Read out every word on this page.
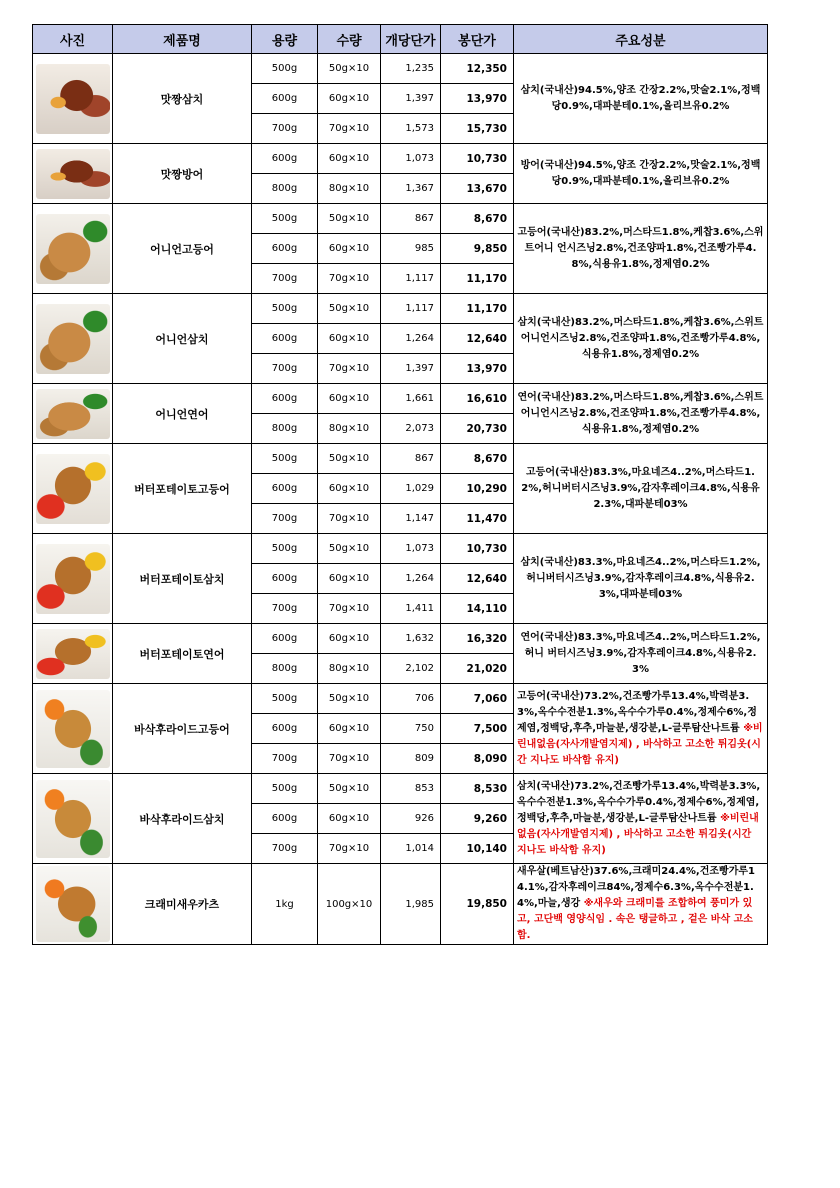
사진	제품명	용량	수량	개당단가	봉단가	주요성분

	맛짱삼치	500g	50g×10	1,235	12,350	삼치(국내산)94.5%,양조 간장2.2%,맛술2.1%,정백당0.9%,대파분테0.1%,올리브유0.2%
		600g	60g×10	1,397	13,970	
		700g	70g×10	1,573	15,730	

	맛짱방어	600g	60g×10	1,073	10,730	방어(국내산)94.5%,양조 간장2.2%,맛술2.1%,정백당0.9%,대파분테0.1%,올리브유0.2%
		800g	80g×10	1,367	13,670	

	어니언고등어	500g	50g×10	867	8,670	고등어(국내산)83.2%,머스타드1.8%,케찹3.6%,스위트어니 언시즈닝2.8%,건조양파1.8%,건조빵가루4.8%,식용유1.8%,정제염0.2%
		600g	60g×10	985	9,850	
		700g	70g×10	1,117	11,170	

	어니언삼치	500g	50g×10	1,117	11,170	삼치(국내산)83.2%,머스타드1.8%,케찹3.6%,스위트어니언시즈닝2.8%,건조양파1.8%,건조빵가루4.8%,식용유1.8%,정제염0.2%
		600g	60g×10	1,264	12,640	
		700g	70g×10	1,397	13,970	

	어니언연어	600g	60g×10	1,661	16,610	연어(국내산)83.2%,머스타드1.8%,케찹3.6%,스위트어니언시즈닝2.8%,건조양파1.8%,건조빵가루4.8%,식용유1.8%,정제염0.2%
		800g	80g×10	2,073	20,730	

	버터포테이토고등어	500g	50g×10	867	8,670	고등어(국내산)83.3%,마요네즈4..2%,머스타드1.2%,허니버터시즈닝3.9%,감자후레이크4.8%,식용유2.3%,대파분테03%
		600g	60g×10	1,029	10,290	
		700g	70g×10	1,147	11,470	

	버터포테이토삼치	500g	50g×10	1,073	10,730	삼치(국내산)83.3%,마요네즈4..2%,머스타드1.2%,허니버터시즈닝3.9%,감자후레이크4.8%,식용유2.3%,대파분테03%
		600g	60g×10	1,264	12,640	
		700g	70g×10	1,411	14,110	

	버터포테이토연어	600g	60g×10	1,632	16,320	연어(국내산)83.3%,마요네즈4..2%,머스타드1.2%,허니 버터시즈닝3.9%,감자후레이크4.8%,식용유2.3%
		800g	80g×10	2,102	21,020	

	바삭후라이드고등어	500g	50g×10	706	7,060	고등어(국내산)73.2%,건조빵가루13.4%,박력분3.3%,옥수수전분1.3%,옥수수가루0.4%,정제수6%,정제염,정백당,후추,마늘분,생강분,L-글루탐산나트륨 ※비린내없음(자사개발염지제) , 바삭하고 고소한 튀김옷(시간 지나도 바삭함 유지)
		600g	60g×10	750	7,500	
		700g	70g×10	809	8,090	

	바삭후라이드삼치	500g	50g×10	853	8,530	삼치(국내산)73.2%,건조빵가루13.4%,박력분3.3%,옥수수전분1.3%,옥수수가루0.4%,정제수6%,정제염,정백당,후추,마늘분,생강분,L-글루탐산나트륨 ※비린내없음(자사개발염지제) , 바삭하고 고소한 튀김옷(시간 지나도 바삭함 유지)
		600g	60g×10	926	9,260	
		700g	70g×10	1,014	10,140	

	크래미새우카츠	1kg	100g×10	1,985	19,850	새우살(베트남산)37.6%,크래미24.4%,건조빵가루14.1%,감자후레이크84%,정제수6.3%,옥수수전분1.4%,마늘,생강 ※새우와 크래미를 조합하여 풍미가 있고, 고단백 영양식임 . 속은 탱글하고 , 겉은 바삭 고소함.
